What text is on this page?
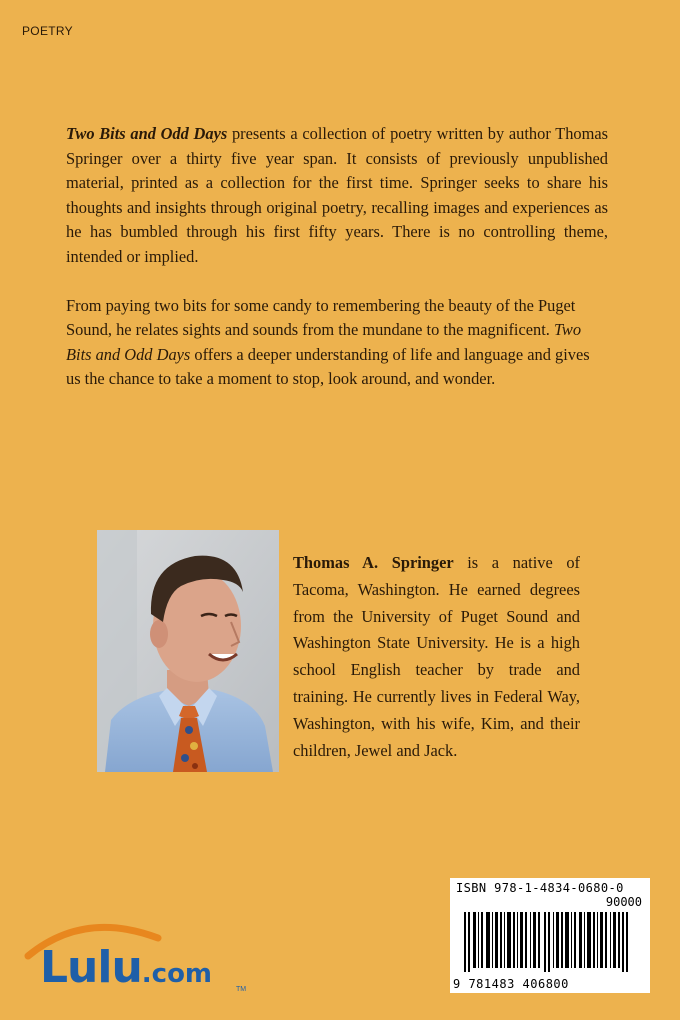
POETRY

Two Bits and Odd Days presents a collection of poetry written by author Thomas Springer over a thirty five year span. It consists of previously unpublished material, printed as a collection for the first time. Springer seeks to share his thoughts and insights through original poetry, recalling images and experiences as he has bumbled through his first fifty years. There is no controlling theme, intended or implied.

From paying two bits for some candy to remembering the beauty of the Puget Sound, he relates sights and sounds from the mundane to the magnificent. Two Bits and Odd Days offers a deeper understanding of life and language and gives us the chance to take a moment to stop, look around, and wonder.

Thomas A. Springer is a native of Tacoma, Washington. He earned degrees from the University of Puget Sound and Washington State University. He is a high school English teacher by trade and training. He currently lives in Federal Way, Washington, with his wife, Kim, and their children, Jewel and Jack.
ISBN 978-1-4834-0680-0
90000
9 781483 406800
Lulu.com
TM
